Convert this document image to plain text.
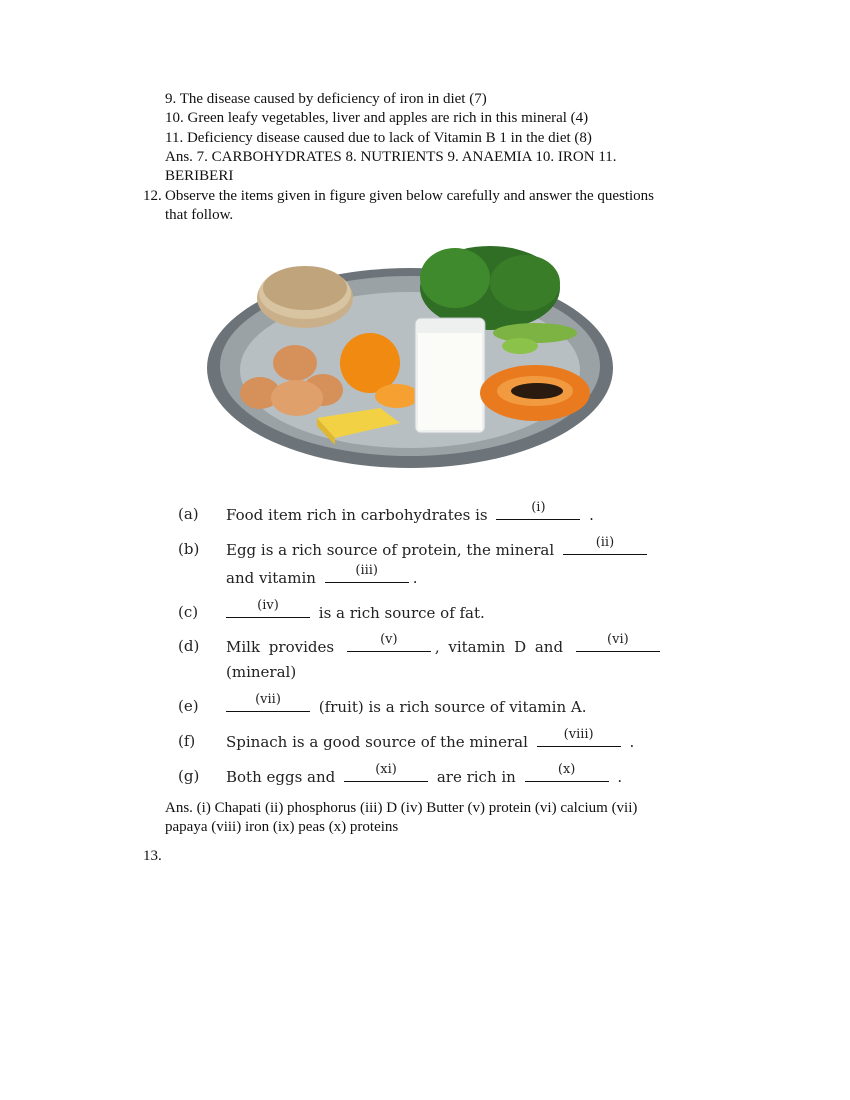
9. The disease caused by deficiency of iron in diet (7)
10. Green leafy vegetables, liver and apples are rich in this mineral (4)
11. Deficiency disease caused due to lack of Vitamin B 1 in the diet (8)
Ans. 7. CARBOHYDRATES 8. NUTRIENTS 9. ANAEMIA 10. IRON 11.
BERIBERI
12. Observe the items given in figure given below carefully and answer the questions
that follow.
(a) Food item rich in carbohydrates is	(i)	.
(b) Egg is a rich source of protein, the mineral	(ii)
and vitamin	(iii)	.
(c)	(iv)	is a rich source of fat.
(d) Milk provides	(v)	, vitamin D and	(vi)
(mineral)
(e)	(vii)	(fruit) is a rich source of vitamin A.
(f) Spinach is a good source of the mineral	(viii)	.
(g) Both eggs and	(xi)	are rich in	(x)	.
Ans. (i) Chapati (ii) phosphorus (iii) D (iv) Butter (v) protein (vi) calcium (vii)
papaya (viii) iron (ix) peas (x) proteins
13.
